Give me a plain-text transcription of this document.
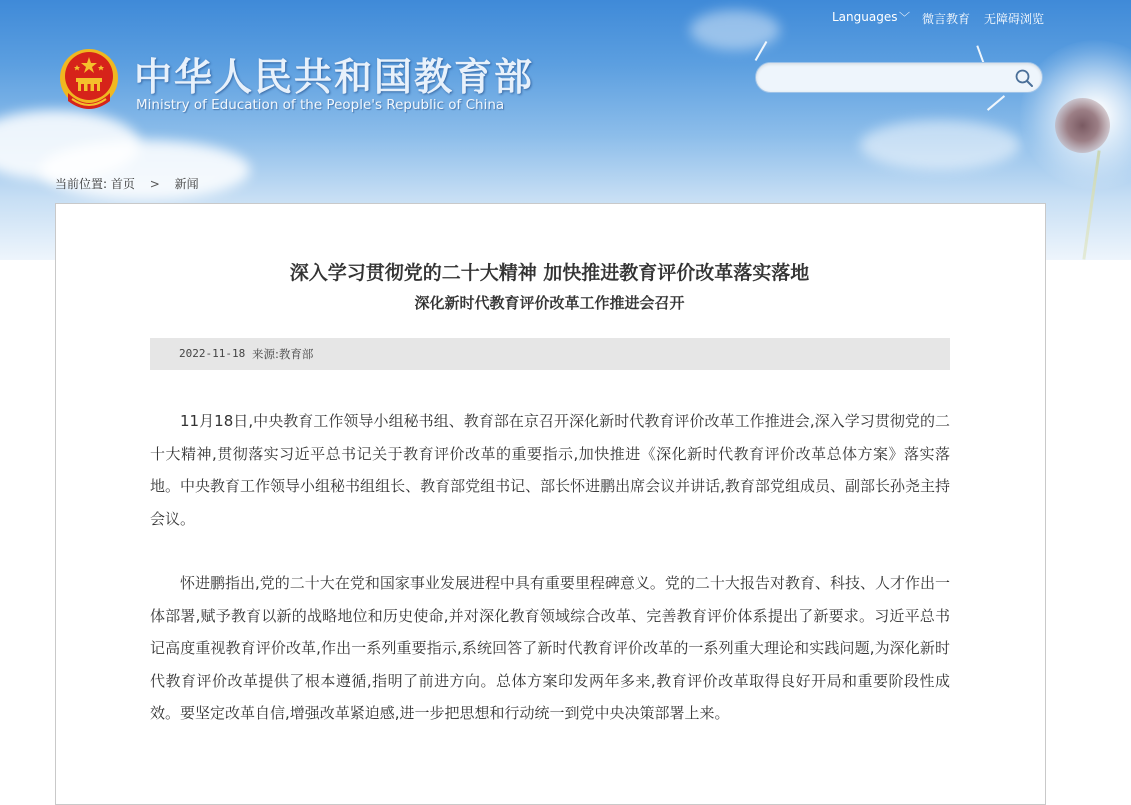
Languages ﹀ 微言教育 无障碍浏览
中华人民共和国教育部
Ministry of Education of the People's Republic of China
当前位置: 首页 > 新闻
深入学习贯彻党的二十大精神 加快推进教育评价改革落实落地
深化新时代教育评价改革工作推进会召开
2022-11-18 来源:教育部

11月18日,中央教育工作领导小组秘书组、教育部在京召开深化新时代教育评价改革工作推进会,深入学习贯彻党的二十大精神,贯彻落实习近平总书记关于教育评价改革的重要指示,加快推进《深化新时代教育评价改革总体方案》落实落地。中央教育工作领导小组秘书组组长、教育部党组书记、部长怀进鹏出席会议并讲话,教育部党组成员、副部长孙尧主持会议。

怀进鹏指出,党的二十大在党和国家事业发展进程中具有重要里程碑意义。党的二十大报告对教育、科技、人才作出一体部署,赋予教育以新的战略地位和历史使命,并对深化教育领域综合改革、完善教育评价体系提出了新要求。习近平总书记高度重视教育评价改革,作出一系列重要指示,系统回答了新时代教育评价改革的一系列重大理论和实践问题,为深化新时代教育评价改革提供了根本遵循,指明了前进方向。总体方案印发两年多来,教育评价改革取得良好开局和重要阶段性成效。要坚定改革自信,增强改革紧迫感,进一步把思想和行动统一到党中央决策部署上来。
